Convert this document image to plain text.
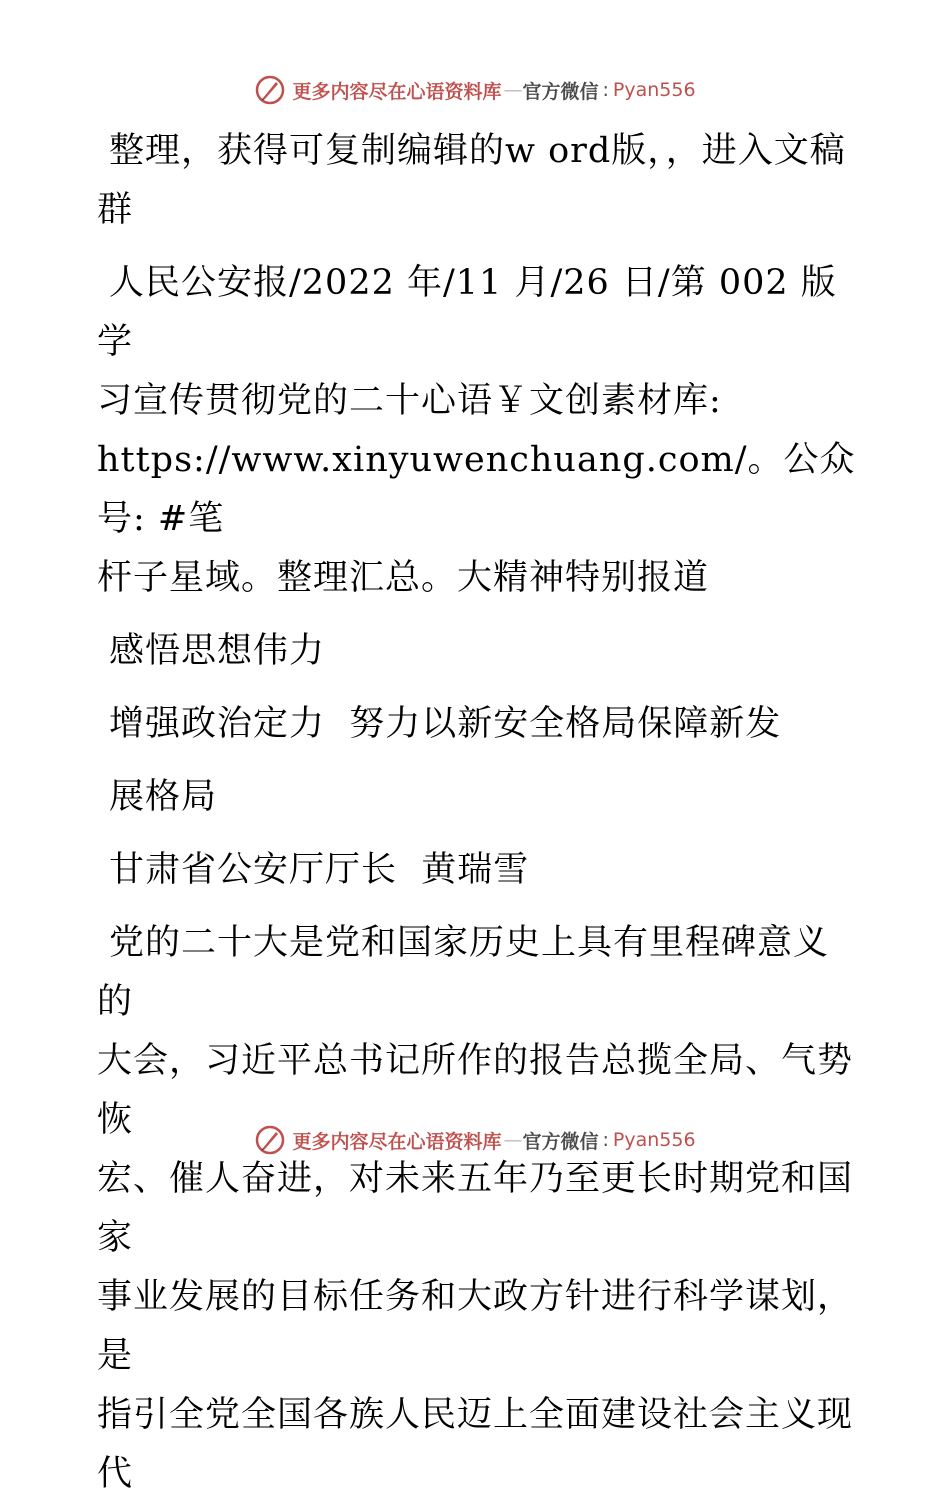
更多内容尽在心语资料库 — 官方微信 : Pyan556

整理，获得可复制编辑的w ord版，，进入文稿
群

人民公安报/2022 年/11 月/26 日/第 002 版学
习宣传贯彻党的二十心语￥文创素材库:
https://www.xinyuwenchuang.com/。公众号: #笔
杆子星域。整理汇总。大精神特别报道

感悟思想伟力

增强政治定力  努力以新安全格局保障新发

展格局

甘肃省公安厅厅长  黄瑞雪

党的二十大是党和国家历史上具有里程碑意义的
大会，习近平总书记所作的报告总揽全局、气势恢
宏、催人奋进，对未来五年乃至更长时期党和国家
事业发展的目标任务和大政方针进行科学谋划，是
指引全党全国各族人民迈上全面建设社会主义现代

更多内容尽在心语资料库 — 官方微信 : Pyan556
